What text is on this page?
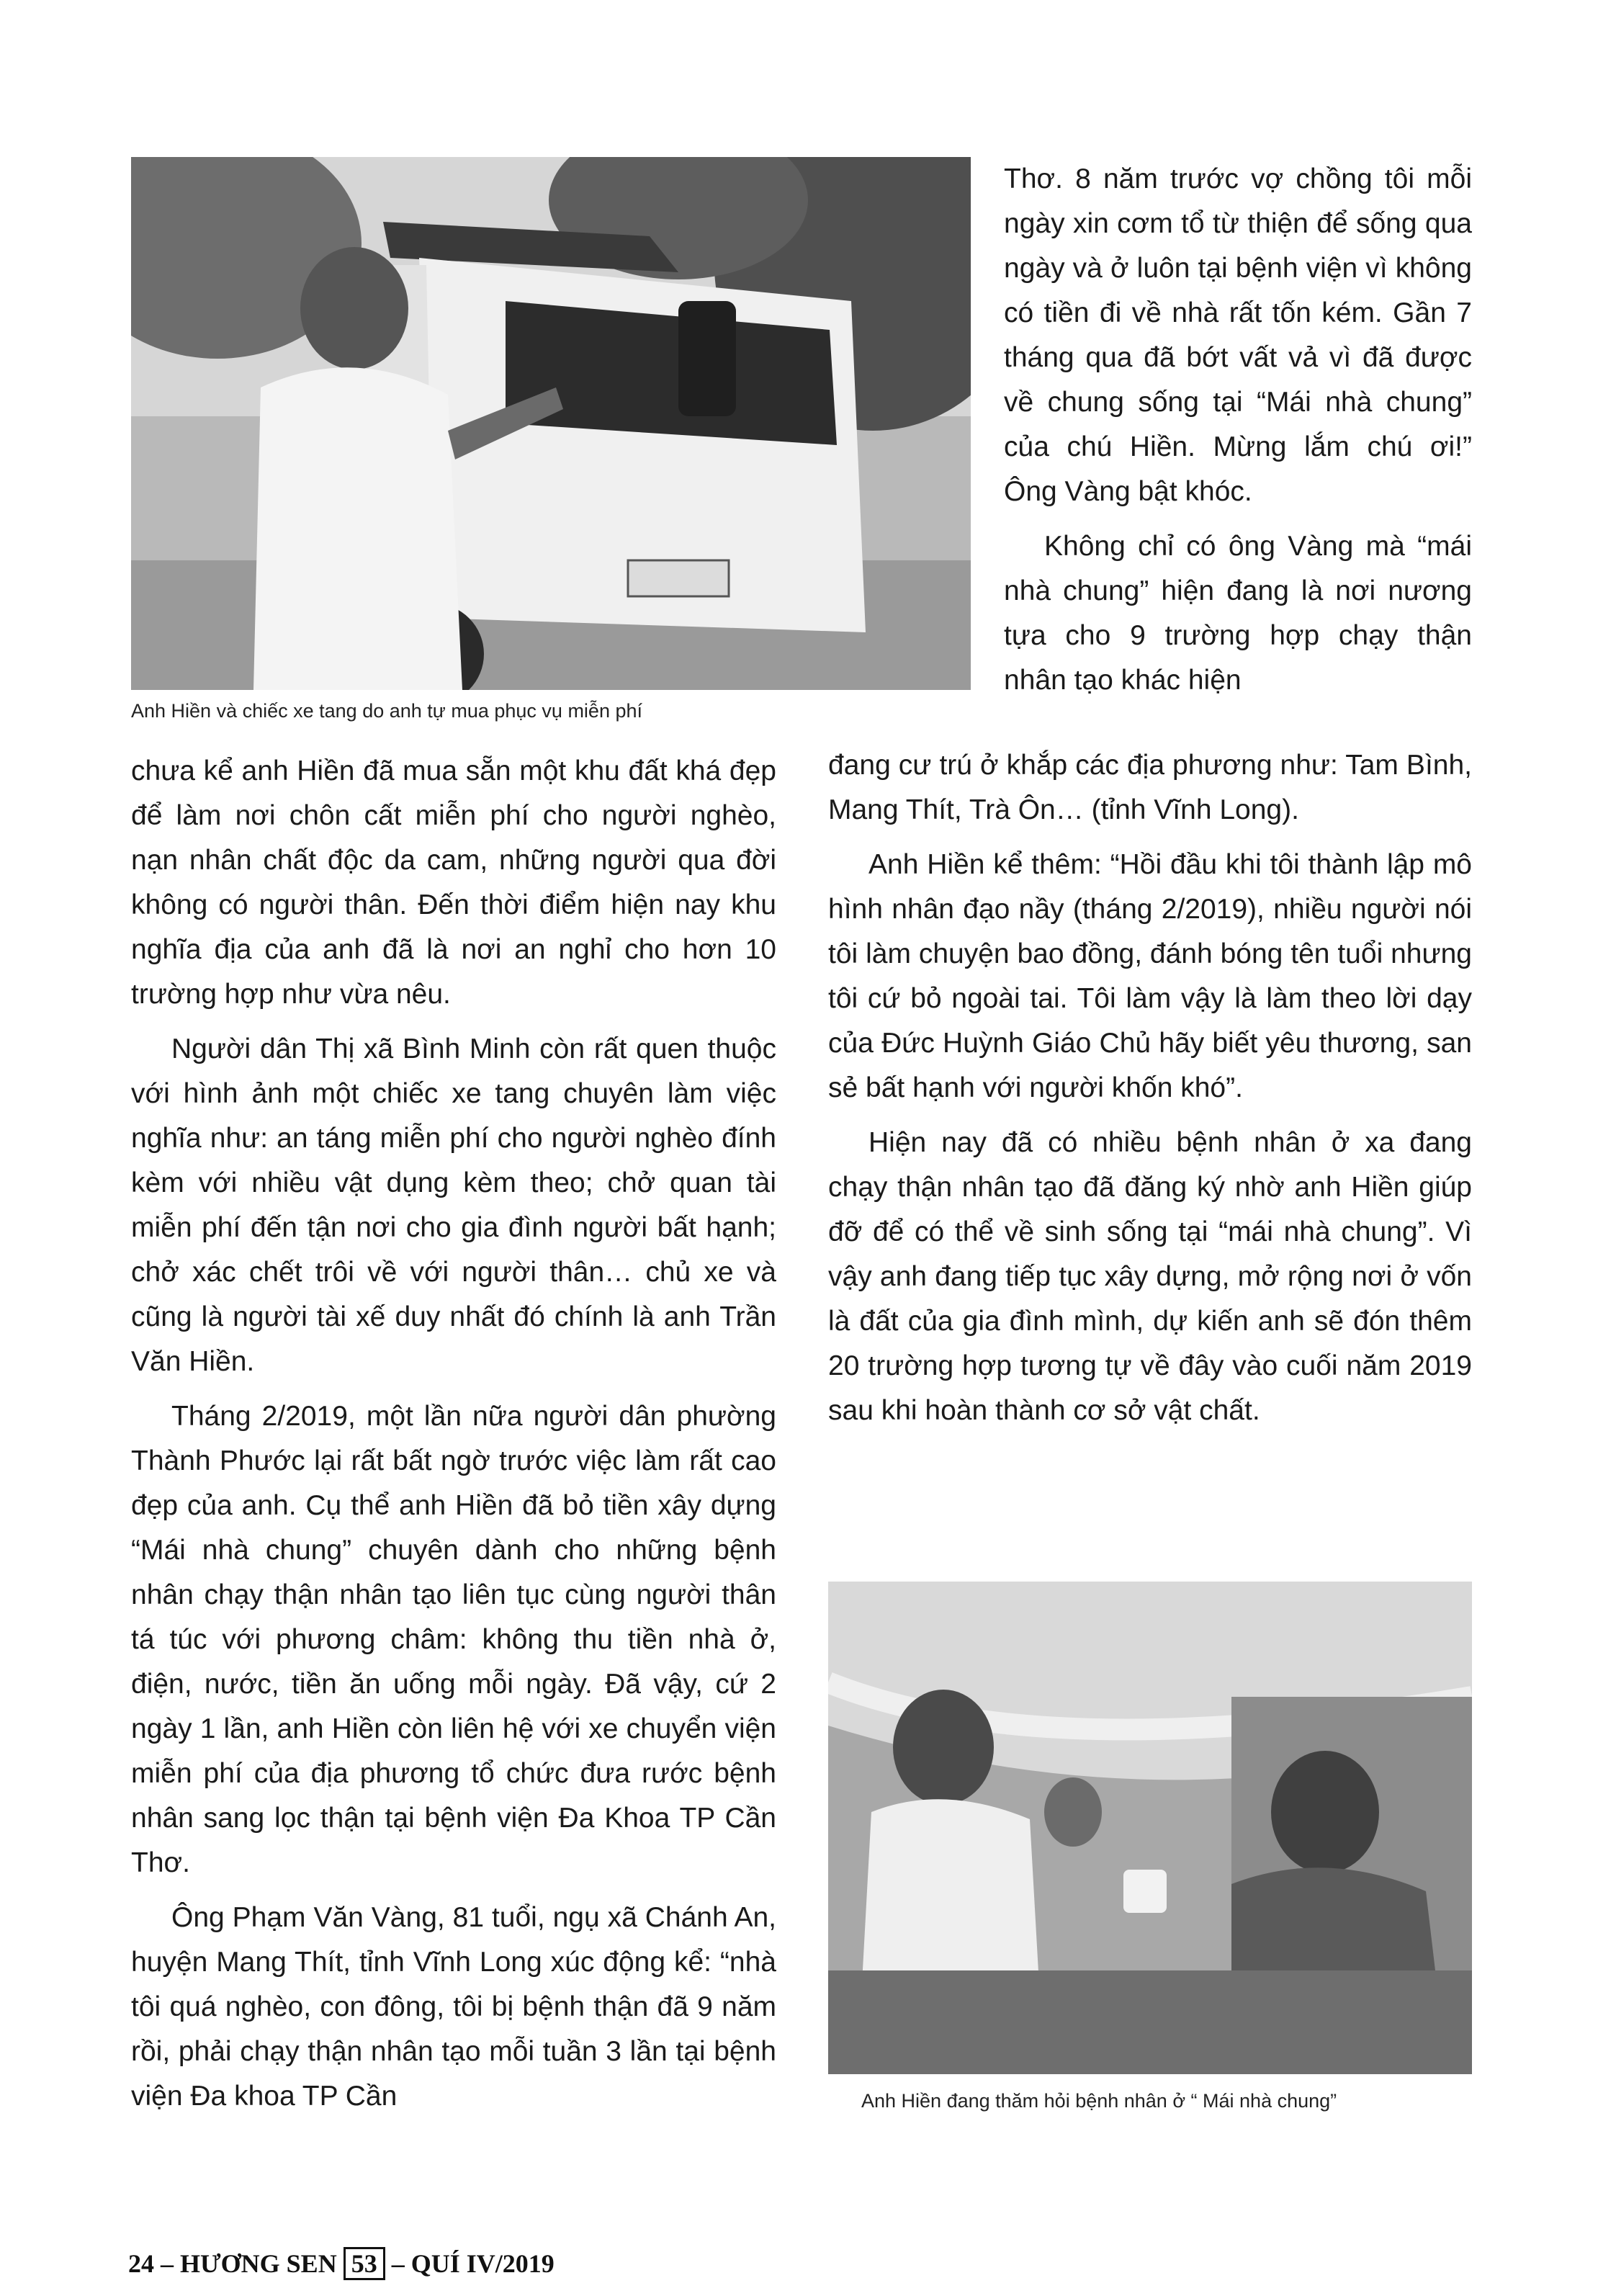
Anh Hiền và chiếc xe tang do anh tự mua phục vụ miễn phí

Thơ. 8 năm trước vợ chồng tôi mỗi ngày xin cơm tổ từ thiện để sống qua ngày và ở luôn tại bệnh viện vì không có tiền đi về nhà rất tốn kém. Gần 7 tháng qua đã bớt vất vả vì đã được về chung sống tại “Mái nhà chung” của chú Hiền. Mừng lắm chú ơi!” Ông Vàng bật khóc.

Không chỉ có ông Vàng mà “mái nhà chung” hiện đang là nơi nương tựa cho 9 trường hợp chạy thận nhân tạo khác hiện

đang cư trú ở khắp các địa phương như: Tam Bình, Mang Thít, Trà Ôn… (tỉnh Vĩnh Long).

Anh Hiền kể thêm: “Hồi đầu khi tôi thành lập mô hình nhân đạo nầy (tháng 2/2019), nhiều người nói tôi làm chuyện bao đồng, đánh bóng tên tuổi nhưng tôi cứ bỏ ngoài tai. Tôi làm vậy là làm theo lời dạy của Đức Huỳnh Giáo Chủ hãy biết yêu thương, san sẻ bất hạnh với người khốn khó”.

Hiện nay đã có nhiều bệnh nhân ở xa đang chạy thận nhân tạo đã đăng ký nhờ anh Hiền giúp đỡ để có thể về sinh sống tại “mái nhà chung”. Vì vậy anh đang tiếp tục xây dựng, mở rộng nơi ở vốn là đất của gia đình mình, dự kiến anh sẽ đón thêm 20 trường hợp tương tự về đây vào cuối năm 2019 sau khi hoàn thành cơ sở vật chất.

chưa kể anh Hiền đã mua sẵn một khu đất khá đẹp để làm nơi chôn cất miễn phí cho người nghèo, nạn nhân chất độc da cam, những người qua đời không có người thân. Đến thời điểm hiện nay khu nghĩa địa của anh đã là nơi an nghỉ cho hơn 10 trường hợp như vừa nêu.

Người dân Thị xã Bình Minh còn rất quen thuộc với hình ảnh một chiếc xe tang chuyên làm việc nghĩa như: an táng miễn phí cho người nghèo đính kèm với nhiều vật dụng kèm theo; chở quan tài miễn phí đến tận nơi cho gia đình người bất hạnh; chở xác chết trôi về với người thân… chủ xe và cũng là người tài xế duy nhất đó chính là anh Trần Văn Hiền.

Tháng 2/2019, một lần nữa người dân phường Thành Phước lại rất bất ngờ trước việc làm rất cao đẹp của anh. Cụ thể anh Hiền đã bỏ tiền xây dựng “Mái nhà chung” chuyên dành cho những bệnh nhân chạy thận nhân tạo liên tục cùng người thân tá túc với phương châm: không thu tiền nhà ở, điện, nước, tiền ăn uống mỗi ngày. Đã vậy, cứ 2 ngày 1 lần, anh Hiền còn liên hệ với xe chuyển viện miễn phí của địa phương tổ chức đưa rước bệnh nhân sang lọc thận tại bệnh viện Đa Khoa TP Cần Thơ.

Ông Phạm Văn Vàng, 81 tuổi, ngụ xã Chánh An, huyện Mang Thít, tỉnh Vĩnh Long xúc động kể: “nhà tôi quá nghèo, con đông, tôi bị bệnh thận đã 9 năm rồi, phải chạy thận nhân tạo mỗi tuần 3 lần tại bệnh viện Đa khoa TP Cần	Anh Hiền đang thăm hỏi bệnh nhân ở “ Mái nhà chung”
24 – HƯƠNG SEN 53 – QUÍ IV/2019
